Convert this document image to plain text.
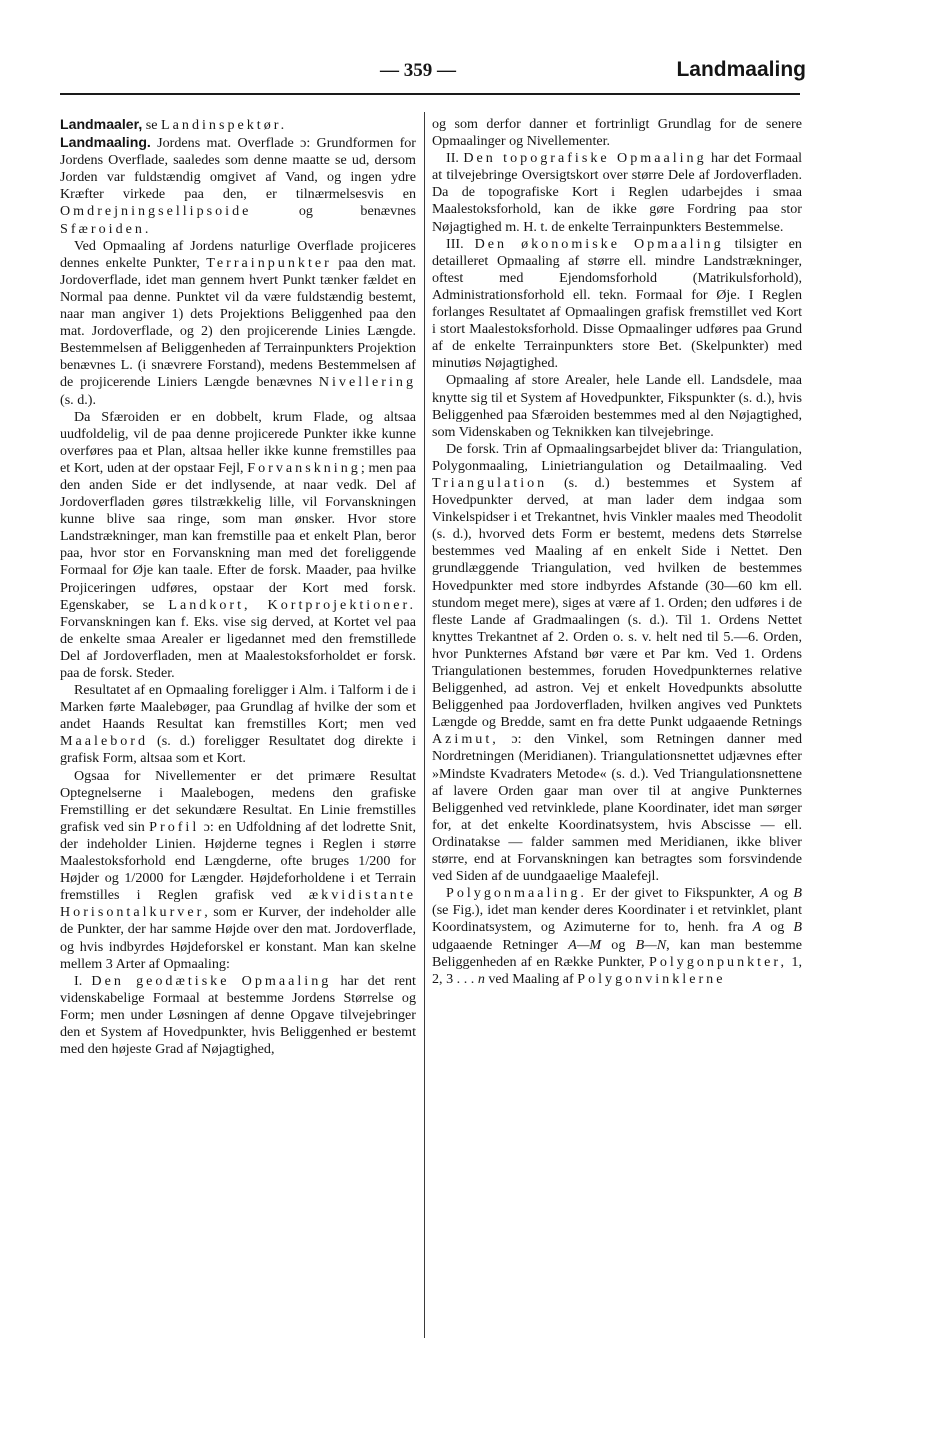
— 359 —	Landmaaling

Landmaaler, se Landinspektør.

Landmaaling. Jordens mat. Overflade ɔ: Grundformen for Jordens Overflade, saaledes som denne maatte se ud, dersom Jorden var fuldstændig omgivet af Vand, og ingen ydre Kræfter virkede paa den, er tilnærmelsesvis en Omdrejningsellipsoide og benævnes Sfæroiden.

Ved Opmaaling af Jordens naturlige Overflade projiceres dennes enkelte Punkter, Terrainpunkter paa den mat. Jordoverflade, idet man gennem hvert Punkt tænker fældet en Normal paa denne. Punktet vil da være fuldstændig bestemt, naar man angiver 1) dets Projektions Beliggenhed paa den mat. Jordoverflade, og 2) den projicerende Linies Længde. Bestemmelsen af Beliggenheden af Terrainpunkters Projektion benævnes L. (i snævrere Forstand), medens Bestemmelsen af de projicerende Liniers Længde benævnes Nivellering (s. d.).

Da Sfæroiden er en dobbelt, krum Flade, og altsaa uudfoldelig, vil de paa denne projicerede Punkter ikke kunne overføres paa et Plan, altsaa heller ikke kunne fremstilles paa et Kort, uden at der opstaar Fejl, Forvanskning; men paa den anden Side er det indlysende, at naar vedk. Del af Jordoverfladen gøres tilstrækkelig lille, vil Forvanskningen kunne blive saa ringe, som man ønsker. Hvor store Landstrækninger, man kan fremstille paa et enkelt Plan, beror paa, hvor stor en Forvanskning man med det foreliggende Formaal for Øje kan taale. Efter de forsk. Maader, paa hvilke Projiceringen udføres, opstaar der Kort med forsk. Egenskaber, se Landkort, Kortprojektioner. Forvanskningen kan f. Eks. vise sig derved, at Kortet vel paa de enkelte smaa Arealer er ligedannet med den fremstillede Del af Jordoverfladen, men at Maalestoksforholdet er forsk. paa de forsk. Steder.

Resultatet af en Opmaaling foreligger i Alm. i Talform i de i Marken førte Maalebøger, paa Grundlag af hvilke der som et andet Haands Resultat kan fremstilles Kort; men ved Maalebord (s. d.) foreligger Resultatet dog direkte i grafisk Form, altsaa som et Kort.

Ogsaa for Nivellementer er det primære Resultat Optegnelserne i Maalebogen, medens den grafiske Fremstilling er det sekundære Resultat. En Linie fremstilles grafisk ved sin Profil ɔ: en Udfoldning af det lodrette Snit, der indeholder Linien. Højderne tegnes i Reglen i større Maalestoksforhold end Længderne, ofte bruges 1/200 for Højder og 1/2000 for Længder. Højdeforholdene i et Terrain fremstilles i Reglen grafisk ved ækvidistante Horisontalkurver, som er Kurver, der indeholder alle de Punkter, der har samme Højde over den mat. Jordoverflade, og hvis indbyrdes Højdeforskel er konstant. Man kan skelne mellem 3 Arter af Opmaaling:

I. Den geodætiske Opmaaling har det rent videnskabelige Formaal at bestemme Jordens Størrelse og Form; men under Løsningen af denne Opgave tilvejebringer den et System af Hovedpunkter, hvis Beliggenhed er bestemt med den højeste Grad af Nøjagtighed,

og som derfor danner et fortrinligt Grundlag for de senere Opmaalinger og Nivellementer.

II. Den topografiske Opmaaling har det Formaal at tilvejebringe Oversigtskort over større Dele af Jordoverfladen. Da de topografiske Kort i Reglen udarbejdes i smaa Maalestoksforhold, kan de ikke gøre Fordring paa stor Nøjagtighed m. H. t. de enkelte Terrainpunkters Bestemmelse.

III. Den økonomiske Opmaaling tilsigter en detailleret Opmaaling af større ell. mindre Landstrækninger, oftest med Ejendomsforhold (Matrikulsforhold), Administrationsforhold ell. tekn. Formaal for Øje. I Reglen forlanges Resultatet af Opmaalingen grafisk fremstillet ved Kort i stort Maalestoksforhold. Disse Opmaalinger udføres paa Grund af de enkelte Terrainpunkters store Bet. (Skelpunkter) med minutiøs Nøjagtighed.

Opmaaling af store Arealer, hele Lande ell. Landsdele, maa knytte sig til et System af Hovedpunkter, Fikspunkter (s. d.), hvis Beliggenhed paa Sfæroiden bestemmes med al den Nøjagtighed, som Videnskaben og Teknikken kan tilvejebringe.

De forsk. Trin af Opmaalingsarbejdet bliver da: Triangulation, Polygonmaaling, Linietriangulation og Detailmaaling. Ved Triangulation (s. d.) bestemmes et System af Hovedpunkter derved, at man lader dem indgaa som Vinkelspidser i et Trekantnet, hvis Vinkler maales med Theodolit (s. d.), hvorved dets Form er bestemt, medens dets Størrelse bestemmes ved Maaling af en enkelt Side i Nettet. Den grundlæggende Triangulation, ved hvilken de bestemmes Hovedpunkter med store indbyrdes Afstande (30—60 km ell. stundom meget mere), siges at være af 1. Orden; den udføres i de fleste Lande af Gradmaalingen (s. d.). Til 1. Ordens Nettet knyttes Trekantnet af 2. Orden o. s. v. helt ned til 5.—6. Orden, hvor Punkternes Afstand bør være et Par km. Ved 1. Ordens Triangulationen bestemmes, foruden Hovedpunkternes relative Beliggenhed, ad astron. Vej et enkelt Hovedpunkts absolutte Beliggenhed paa Jordoverfladen, hvilken angives ved Punktets Længde og Bredde, samt en fra dette Punkt udgaaende Retnings Azimut, ɔ: den Vinkel, som Retningen danner med Nordretningen (Meridianen). Triangulationsnettet udjævnes efter »Mindste Kvadraters Metode« (s. d.). Ved Triangulationsnettene af lavere Orden gaar man over til at angive Punkternes Beliggenhed ved retvinklede, plane Koordinater, idet man sørger for, at det enkelte Koordinatsystem, hvis Abscisse — ell. Ordinatakse — falder sammen med Meridianen, ikke bliver større, end at Forvanskningen kan betragtes som forsvindende ved Siden af de uundgaaelige Maalefejl.

Polygonmaaling. Er der givet to Fikspunkter, A og B (se Fig.), idet man kender deres Koordinater i et retvinklet, plant Koordinatsystem, og Azimuterne for to, henh. fra A og B udgaaende Retninger A—M og B—N, kan man bestemme Beliggenheden af en Række Punkter, Polygonpunkter, 1, 2, 3 . . . n ved Maaling af Polygonvinklerne
